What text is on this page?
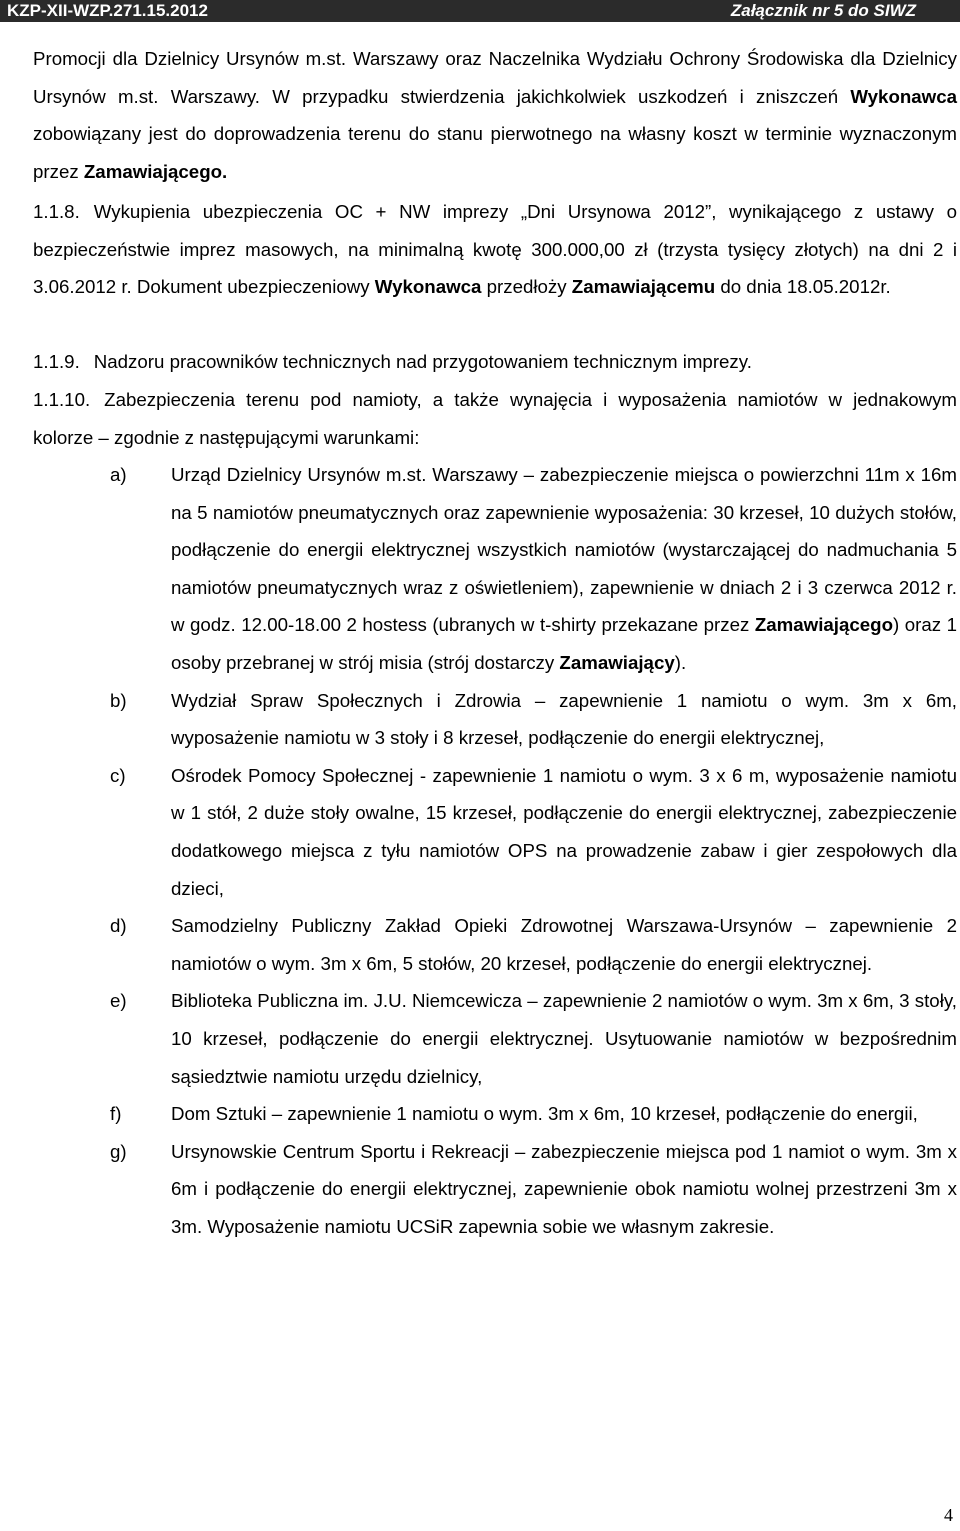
KZP-XII-WZP.271.15.2012	Załącznik nr 5 do SIWZ
Promocji dla Dzielnicy Ursynów m.st. Warszawy oraz Naczelnika Wydziału Ochrony Środowiska dla Dzielnicy Ursynów m.st. Warszawy. W przypadku stwierdzenia jakichkolwiek uszkodzeń i zniszczeń Wykonawca zobowiązany jest do doprowadzenia terenu do stanu pierwotnego na własny koszt w terminie wyznaczonym przez Zamawiającego.
1.1.8. Wykupienia ubezpieczenia OC + NW imprezy „Dni Ursynowa 2012”, wynikającego z ustawy o bezpieczeństwie imprez masowych, na minimalną kwotę 300.000,00 zł (trzysta tysięcy złotych) na dni 2 i 3.06.2012 r. Dokument ubezpieczeniowy Wykonawca przedłoży Zamawiającemu do dnia 18.05.2012r.
1.1.9. Nadzoru pracowników technicznych nad przygotowaniem technicznym imprezy.
1.1.10. Zabezpieczenia terenu pod namioty, a także wynajęcia i wyposażenia namiotów w jednakowym kolorze – zgodnie z następującymi warunkami:
a) Urząd Dzielnicy Ursynów m.st. Warszawy – zabezpieczenie miejsca o powierzchni 11m x 16m na 5 namiotów pneumatycznych oraz zapewnienie wyposażenia: 30 krzeseł, 10 dużych stołów, podłączenie do energii elektrycznej wszystkich namiotów (wystarczającej do nadmuchania 5 namiotów pneumatycznych wraz z oświetleniem), zapewnienie w dniach 2 i 3 czerwca 2012 r. w godz. 12.00-18.00 2 hostess (ubranych w t-shirty przekazane przez Zamawiającego) oraz 1 osoby przebranej w strój misia (strój dostarczy Zamawiający).
b) Wydział Spraw Społecznych i Zdrowia – zapewnienie 1 namiotu o wym. 3m x 6m, wyposażenie namiotu w 3 stoły i 8 krzeseł, podłączenie do energii elektrycznej,
c) Ośrodek Pomocy Społecznej - zapewnienie 1 namiotu o wym. 3 x 6 m, wyposażenie namiotu w 1 stół, 2 duże stoły owalne, 15 krzeseł, podłączenie do energii elektrycznej, zabezpieczenie dodatkowego miejsca z tyłu namiotów OPS na prowadzenie zabaw i gier zespołowych dla dzieci,
d) Samodzielny Publiczny Zakład Opieki Zdrowotnej Warszawa-Ursynów – zapewnienie 2 namiotów o wym. 3m x 6m, 5 stołów, 20 krzeseł, podłączenie do energii elektrycznej.
e) Biblioteka Publiczna im. J.U. Niemcewicza – zapewnienie 2 namiotów o wym. 3m x 6m, 3 stoły, 10 krzeseł, podłączenie do energii elektrycznej. Usytuowanie namiotów w bezpośrednim sąsiedztwie namiotu urzędu dzielnicy,
f)	Dom Sztuki – zapewnienie 1 namiotu o wym. 3m x 6m, 10 krzeseł, podłączenie do energii,
g) Ursynowskie Centrum Sportu i Rekreacji – zabezpieczenie miejsca pod 1 namiot o wym. 3m x 6m i podłączenie do energii elektrycznej, zapewnienie obok namiotu wolnej przestrzeni 3m x 3m. Wyposażenie namiotu UCSiR zapewnia sobie we własnym zakresie.
4
